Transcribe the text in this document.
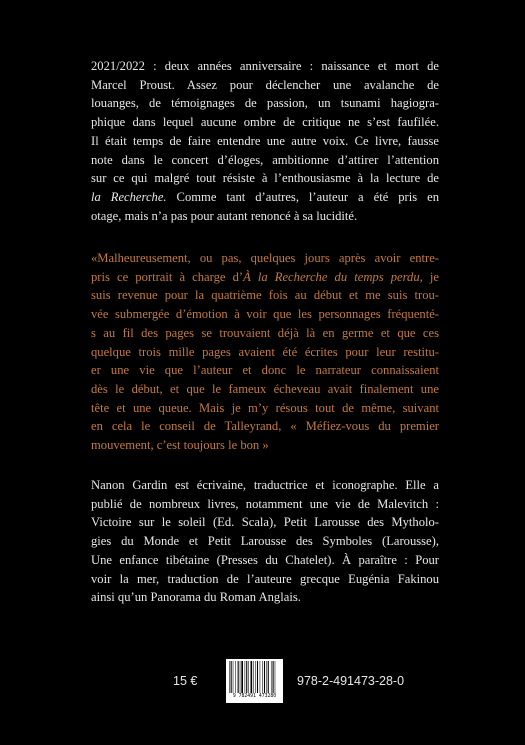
2021/2022 : deux années anniversaire : naissance et mort de
Marcel Proust. Assez pour déclencher une avalanche de
louanges, de témoignages de passion, un tsunami hagiogra-
phique dans lequel aucune ombre de critique ne s’est faufilée.
Il était temps de faire entendre une autre voix. Ce livre, fausse
note dans le concert d’éloges, ambitionne d’attirer l’attention
sur ce qui malgré tout résiste à l’enthousiasme à la lecture de
la Recherche. Comme tant d’autres, l’auteur a été pris en
otage, mais n’a pas pour autant renoncé à sa lucidité.

«Malheureusement, ou pas, quelques jours après avoir entre-
pris ce portrait à charge d’À la Recherche du temps perdu, je
suis revenue pour la quatrième fois au début et me suis trou-
vée submergée d’émotion à voir que les personnages fréquenté-
s au fil des pages se trouvaient déjà là en germe et que ces
quelque trois mille pages avaient été écrites pour leur restitu-
er une vie que l’auteur et donc le narrateur connaissaient
dès le début, et que le fameux écheveau avait finalement une
tête et une queue. Mais je m’y résous tout de même, suivant
en cela le conseil de Talleyrand, « Méfiez-vous du premier
mouvement, c’est toujours le bon »

Nanon Gardin est écrivaine, traductrice et iconographe. Elle a
publié de nombreux livres, notamment une vie de Malevitch :
Victoire sur le soleil (Ed. Scala), Petit Larousse des Mytholo-
gies du Monde et Petit Larousse des Symboles (Larousse),
Une enfance tibétaine (Presses du Chatelet). À paraître : Pour
voir la mer, traduction de l’auteure grecque Eugénia Fakinou
ainsi qu’un Panorama du Roman Anglais.

15 €
9 782491 473280
978-2-491473-28-0
